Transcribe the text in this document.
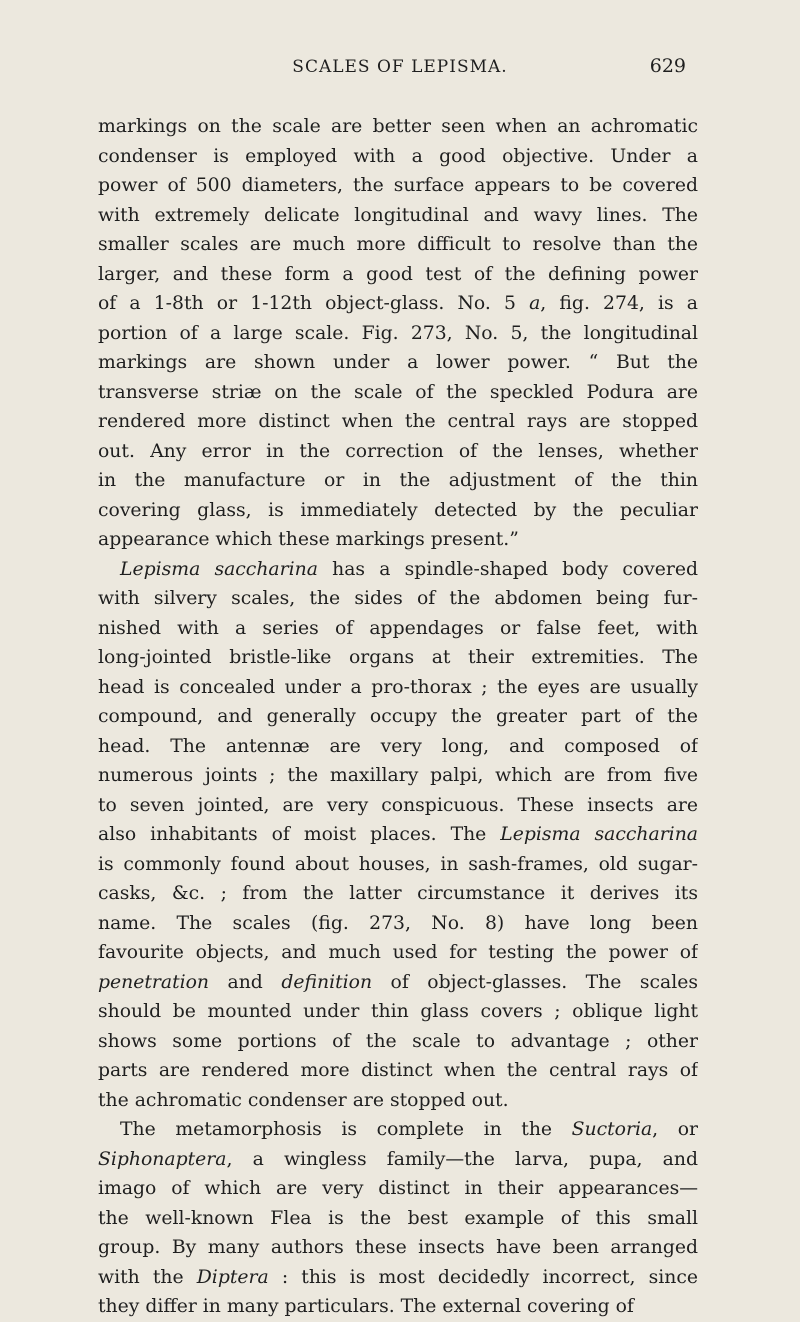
SCALES OF LEPISMA.	629
markings on the scale are better seen when an achromatic
condenser is employed with a good objective. Under a
power of 500 diameters, the surface appears to be covered
with extremely delicate longitudinal and wavy lines. The
smaller scales are much more difficult to resolve than the
larger, and these form a good test of the defining power
of a 1-8th or 1-12th object-glass. No. 5 a, fig. 274, is a
portion of a large scale. Fig. 273, No. 5, the longitudinal
markings are shown under a lower power. “ But the
transverse striæ on the scale of the speckled Podura are
rendered more distinct when the central rays are stopped
out. Any error in the correction of the lenses, whether
in the manufacture or in the adjustment of the thin
covering glass, is immediately detected by the peculiar
appearance which these markings present.”
Lepisma saccharina has a spindle-shaped body covered
with silvery scales, the sides of the abdomen being fur-
nished with a series of appendages or false feet, with
long-jointed bristle-like organs at their extremities. The
head is concealed under a pro-thorax ; the eyes are usually
compound, and generally occupy the greater part of the
head. The antennæ are very long, and composed of
numerous joints ; the maxillary palpi, which are from five
to seven jointed, are very conspicuous. These insects are
also inhabitants of moist places. The Lepisma saccharina
is commonly found about houses, in sash-frames, old sugar-
casks, &c. ; from the latter circumstance it derives its
name. The scales (fig. 273, No. 8) have long been
favourite objects, and much used for testing the power of
penetration and definition of object-glasses. The scales
should be mounted under thin glass covers ; oblique light
shows some portions of the scale to advantage ; other
parts are rendered more distinct when the central rays of
the achromatic condenser are stopped out.
The metamorphosis is complete in the Suctoria, or
Siphonaptera, a wingless family—the larva, pupa, and
imago of which are very distinct in their appearances—
the well-known Flea is the best example of this small
group. By many authors these insects have been arranged
with the Diptera : this is most decidedly incorrect, since
they differ in many particulars. The external covering of
